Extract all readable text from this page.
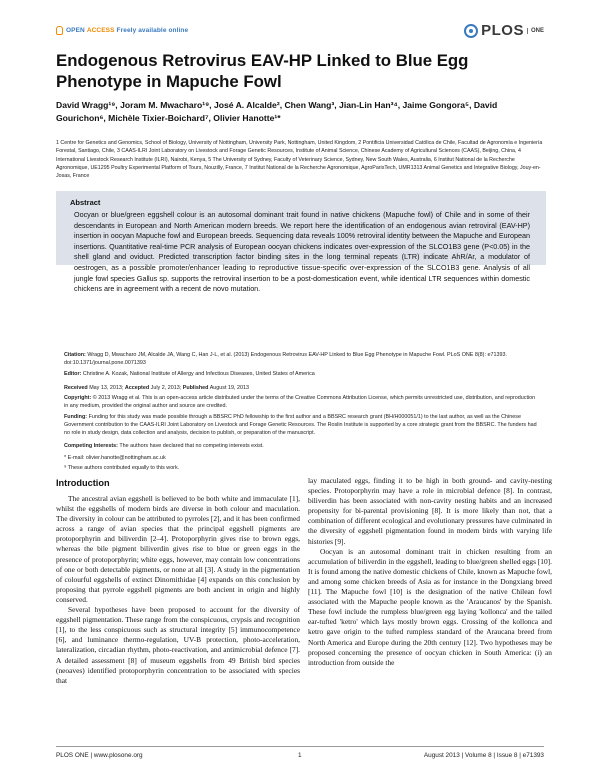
OPEN ACCESS Freely available online	PLOS	ONE
Endogenous Retrovirus EAV-HP Linked to Blue Egg Phenotype in Mapuche Fowl
David Wragg¹⁹, Joram M. Mwacharo¹⁹, José A. Alcalde², Chen Wang³, Jian-Lin Han³⁴, Jaime Gongora⁵, David Gourichon⁶, Michèle Tixier-Boichard⁷, Olivier Hanotte¹*
1 Centre for Genetics and Genomics, School of Biology, University of Nottingham, University Park, Nottingham, United Kingdom, 2 Pontificia Universidad Católica de Chile, Facultad de Agronomía e Ingeniería Forestal, Santiago, Chile, 3 CAAS-ILRI Joint Laboratory on Livestock and Forage Genetic Resources, Institute of Animal Science, Chinese Academy of Agricultural Sciences (CAAS), Beijing, China, 4 International Livestock Research Institute (ILRI), Nairobi, Kenya, 5 The University of Sydney, Faculty of Veterinary Science, Sydney, New South Wales, Australia, 6 Institut National de la Recherche Agronomique, UE1295 Poultry Experimental Platform of Tours, Nouzilly, France, 7 Institut National de la Recherche Agronomique, AgroParisTech, UMR1313 Animal Genetics and Integrative Biology, Jouy-en-Josas, France
Abstract
Oocyan or blue/green eggshell colour is an autosomal dominant trait found in native chickens (Mapuche fowl) of Chile and in some of their descendants in European and North American modern breeds. We report here the identification of an endogenous avian retroviral (EAV-HP) insertion in oocyan Mapuche fowl and European breeds. Sequencing data reveals 100% retroviral identity between the Mapuche and European insertions. Quantitative real-time PCR analysis of European oocyan chickens indicates over-expression of the SLCO1B3 gene (P<0.05) in the shell gland and oviduct. Predicted transcription factor binding sites in the long terminal repeats (LTR) indicate AhR/Ar, a modulator of oestrogen, as a possible promoter/enhancer leading to reproductive tissue-specific over-expression of the SLCO1B3 gene. Analysis of all jungle fowl species Gallus sp. supports the retroviral insertion to be a post-domestication event, while identical LTR sequences within domestic chickens are in agreement with a recent de novo mutation.
Citation: Wragg D, Mwacharo JM, Alcalde JA, Wang C, Han J-L, et al. (2013) Endogenous Retrovirus EAV-HP Linked to Blue Egg Phenotype in Mapuche Fowl. PLoS ONE 8(8): e71393. doi:10.1371/journal.pone.0071393
Editor: Christine A. Kozak, National Institute of Allergy and Infectious Diseases, United States of America
Received May 13, 2013; Accepted July 2, 2013; Published August 19, 2013
Copyright: © 2013 Wragg et al. This is an open-access article distributed under the terms of the Creative Commons Attribution License, which permits unrestricted use, distribution, and reproduction in any medium, provided the original author and source are credited.
Funding: Funding for this study was made possible through a BBSRC PhD fellowship to the first author and a BBSRC research grant (BH/H000051/1) to the last author, as well as the Chinese Government contribution to the CAAS-ILRI Joint Laboratory on Livestock and Forage Genetic Resources. The Roslin Institute is supported by a core strategic grant from the BBSRC. The funders had no role in study design, data collection and analysis, decision to publish, or preparation of the manuscript.
Competing Interests: The authors have declared that no competing interests exist.
* E-mail: olivier.hanotte@nottingham.ac.uk
⁹ These authors contributed equally to this work.
Introduction

The ancestral avian eggshell is believed to be both white and immaculate [1], whilst the eggshells of modern birds are diverse in both colour and maculation. The diversity in colour can be attributed to pyrroles [2], and it has been confirmed across a range of avian species that the principal eggshell pigments are protoporphyrin and biliverdin [2–4]. Protoporphyrin gives rise to brown eggs, whereas the bile pigment biliverdin gives rise to blue or green eggs in the presence of protoporphyrin; white eggs, however, may contain low concentrations of one or both detectable pigments, or none at all [3]. A study in the pigmentation of colourful eggshells of extinct Dinornithidae [4] expands on this conclusion by proposing that pyrrole eggshell pigments are both ancient in origin and highly conserved.

Several hypotheses have been proposed to account for the diversity of eggshell pigmentation. These range from the conspicuous, crypsis and recognition [1], to the less conspicuous such as structural integrity [5] immunocompetence [6], and luminance thermo-regulation, UV-B protection, photo-acceleration, lateralization, circadian rhythm, photo-reactivation, and antimicrobial defence [7]. A detailed assessment [8] of museum eggshells from 49 British bird species (neoaves) identified protoporphyrin concentration to be associated with species that

lay maculated eggs, finding it to be high in both ground- and cavity-nesting species. Protoporphyrin may have a role in microbial defence [8]. In contrast, biliverdin has been associated with non-cavity nesting habits and an increased propensity for bi-parental provisioning [8]. It is more likely than not, that a combination of different ecological and evolutionary pressures have culminated in the diversity of eggshell pigmentation found in modern birds with varying life histories [9].

Oocyan is an autosomal dominant trait in chicken resulting from an accumulation of biliverdin in the eggshell, leading to blue/green shelled eggs [10]. It is found among the native domestic chickens of Chile, known as Mapuche fowl, and among some chicken breeds of Asia as for instance in the Dongxiang breed [11]. The Mapuche fowl [10] is the designation of the native Chilean fowl associated with the Mapuche people known as the 'Araucanos' by the Spanish. These fowl include the rumpless blue/green egg laying 'kollonca' and the tailed ear-tufted 'ketro' which lays mostly brown eggs. Crossing of the kollonca and ketro gave origin to the tufted rumpless standard of the Araucana breed from North America and Europe during the 20th century [12]. Two hypotheses may be proposed concerning the presence of oocyan chicken in South America: (i) an introduction from outside the

PLOS ONE | www.plosone.org	1	August 2013 | Volume 8 | Issue 8 | e71393
